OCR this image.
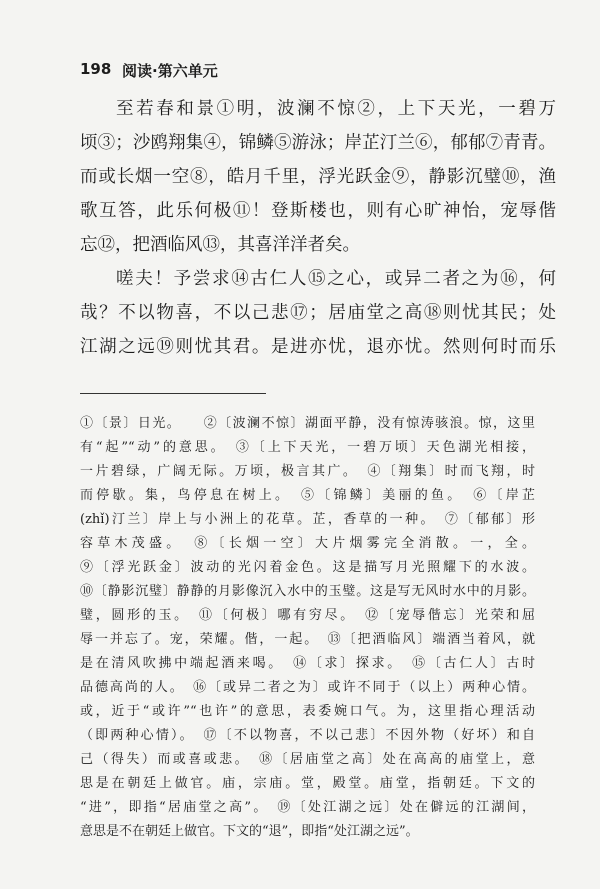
198 阅读·第六单元
至若春和景①明，波澜不惊②，上下天光，一碧万
顷③；沙鸥翔集④，锦鳞⑤游泳；岸芷汀兰⑥，郁郁⑦青青。
而或长烟一空⑧，皓月千里，浮光跃金⑨，静影沉璧⑩，渔
歌互答，此乐何极⑪！登斯楼也，则有心旷神怡，宠辱偕
忘⑫，把酒临风⑬，其喜洋洋者矣。
嗟夫！予尝求⑭古仁人⑮之心，或异二者之为⑯，何
哉？不以物喜，不以己悲⑰；居庙堂之高⑱则忧其民；处
江湖之远⑲则忧其君。是进亦忧，退亦忧。然则何时而乐
①〔景〕日光。　　②〔波澜不惊〕湖面平静，没有惊涛骇浪。惊，这里
有“起”“动”的意思。　③〔上下天光，一碧万顷〕天色湖光相接，
一片碧绿，广阔无际。万顷，极言其广。　④〔翔集〕时而飞翔，时
而停歇。集，鸟停息在树上。　⑤〔锦鳞〕美丽的鱼。　⑥〔岸芷
(zhǐ)汀兰〕岸上与小洲上的花草。芷，香草的一种。　⑦〔郁郁〕形
容草木茂盛。　⑧〔长烟一空〕大片烟雾完全消散。一，全。
⑨〔浮光跃金〕波动的光闪着金色。这是描写月光照耀下的水波。
⑩〔静影沉璧〕静静的月影像沉入水中的玉璧。这是写无风时水中的月影。
璧，圆形的玉。　⑪〔何极〕哪有穷尽。　⑫〔宠辱偕忘〕光荣和屈
辱一并忘了。宠，荣耀。偕，一起。　⑬〔把酒临风〕端酒当着风，就
是在清风吹拂中端起酒来喝。　⑭〔求〕探求。　⑮〔古仁人〕古时
品德高尚的人。　⑯〔或异二者之为〕或许不同于（以上）两种心情。
或，近于“或许”“也许”的意思，表委婉口气。为，这里指心理活动
（即两种心情）。　⑰〔不以物喜，不以己悲〕不因外物（好坏）和自
己（得失）而或喜或悲。　⑱〔居庙堂之高〕处在高高的庙堂上，意
思是在朝廷上做官。庙，宗庙。堂，殿堂。庙堂，指朝廷。下文的
“进”，即指“居庙堂之高”。　⑲〔处江湖之远〕处在僻远的江湖间，
意思是不在朝廷上做官。下文的“退”，即指“处江湖之远”。
